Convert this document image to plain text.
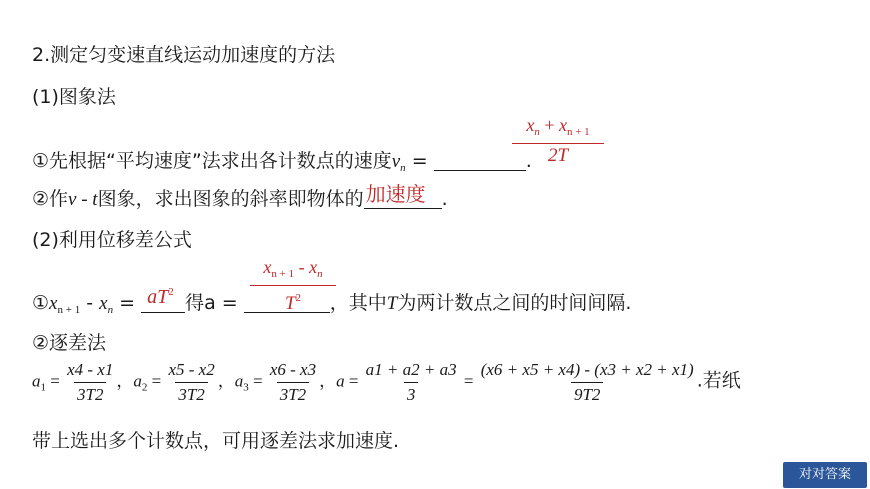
2.测定匀变速直线运动加速度的方法
(1)图象法
$x_n + x_{n + 1}$
2T
①先根据“平均速度”法求出各计数点的速度$v_n$ =	.
②作v - t图象，求出图象的斜率即物体的 加速度 .
(2)利用位移差公式
$x_{n + 1} - x_n$
$T^2$
$①x_{n + 1} - x_n = aT^2$ 得a =	，其中T为两计数点之间的时间间隔.
②逐差法
$a_1 = \frac{x4 - x1}{3T2}$ ，$a_2 = \frac{x5 - x2}{3T2}$ ，$a_3 = \frac{x6 - x3}{3T2}$ ，$a = \frac{a1 + a2 + a3}{3} = \frac{(x6 + x5 + x4) - (x3 + x2 + x1)}{9T2}$ .若纸
带上选出多个计数点，可用逐差法求加速度.
对对答案
